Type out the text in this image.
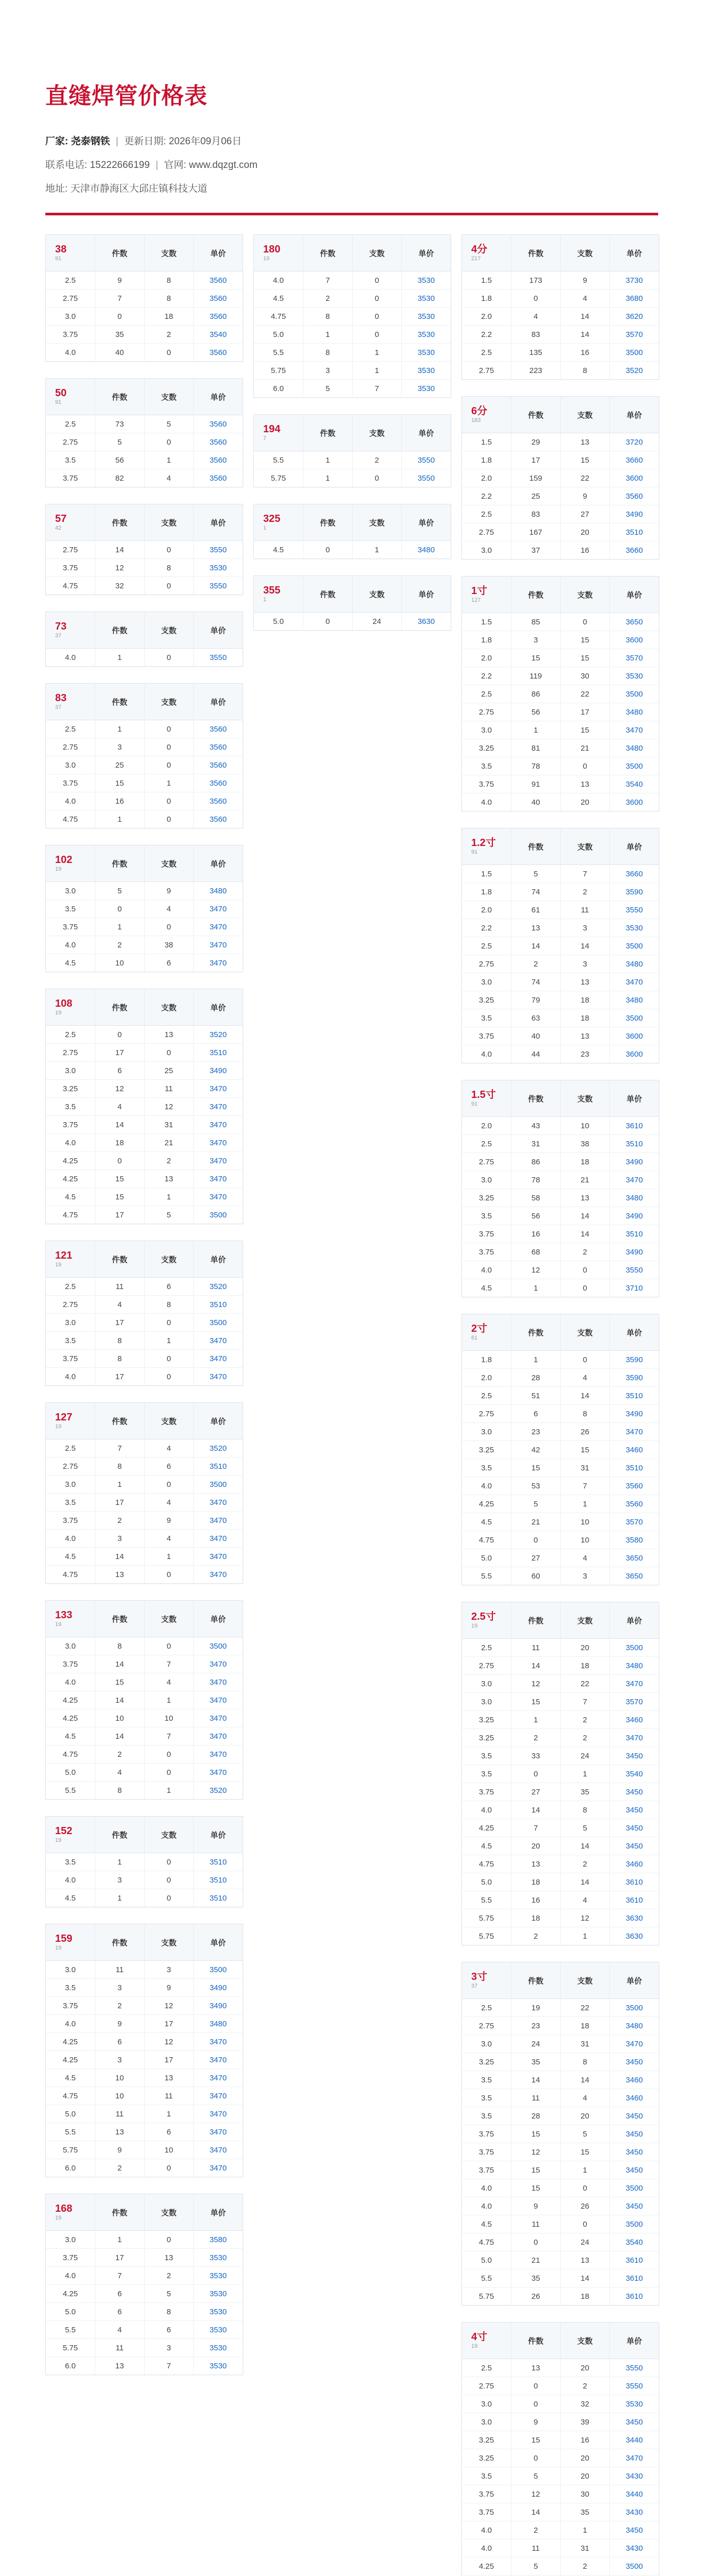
直缝焊管价格表
厂家: 尧泰钢铁 | 更新日期: 2026年09月06日
联系电话: 15222666199 | 官网: www.dqzgt.com
地址: 天津市静海区大邱庄镇科技大道
38
91	件数	支数	单价
2.5	9	8	3560
2.75	7	8	3560
3.0	0	18	3560
3.75	35	2	3540
4.0	40	0	3560
50
91	件数	支数	单价
2.5	73	5	3560
2.75	5	0	3560
3.5	56	1	3560
3.75	82	4	3560
57
42	件数	支数	单价
2.75	14	0	3550
3.75	12	8	3530
4.75	32	0	3550
73
37	件数	支数	单价
4.0	1	0	3550
83
37	件数	支数	单价
2.5	1	0	3560
2.75	3	0	3560
3.0	25	0	3560
3.75	15	1	3560
4.0	16	0	3560
4.75	1	0	3560
102
19	件数	支数	单价
3.0	5	9	3480
3.5	0	4	3470
3.75	1	0	3470
4.0	2	38	3470
4.5	10	6	3470
108
19	件数	支数	单价
2.5	0	13	3520
2.75	17	0	3510
3.0	6	25	3490
3.25	12	11	3470
3.5	4	12	3470
3.75	14	31	3470
4.0	18	21	3470
4.25	0	2	3470
4.25	15	13	3470
4.5	15	1	3470
4.75	17	5	3500
121
19	件数	支数	单价
2.5	11	6	3520
2.75	4	8	3510
3.0	17	0	3500
3.5	8	1	3470
3.75	8	0	3470
4.0	17	0	3470
127
19	件数	支数	单价
2.5	7	4	3520
2.75	8	6	3510
3.0	1	0	3500
3.5	17	4	3470
3.75	2	9	3470
4.0	3	4	3470
4.5	14	1	3470
4.75	13	0	3470
133
19	件数	支数	单价
3.0	8	0	3500
3.75	14	7	3470
4.0	15	4	3470
4.25	14	1	3470
4.25	10	10	3470
4.5	14	7	3470
4.75	2	0	3470
5.0	4	0	3470
5.5	8	1	3520
152
19	件数	支数	单价
3.5	1	0	3510
4.0	3	0	3510
4.5	1	0	3510
159
19	件数	支数	单价
3.0	11	3	3500
3.5	3	9	3490
3.75	2	12	3490
4.0	9	17	3480
4.25	6	12	3470
4.25	3	17	3470
4.5	10	13	3470
4.75	10	11	3470
5.0	11	1	3470
5.5	13	6	3470
5.75	9	10	3470
6.0	2	0	3470
168
19	件数	支数	单价
3.0	1	0	3580
3.75	17	13	3530
4.0	7	2	3530
4.25	6	5	3530
5.0	6	8	3530
5.5	4	6	3530
5.75	11	3	3530
6.0	13	7	3530
180
19	件数	支数	单价
4.0	7	0	3530
4.5	2	0	3530
4.75	8	0	3530
5.0	1	0	3530
5.5	8	1	3530
5.75	3	1	3530
6.0	5	7	3530
194
7	件数	支数	单价
5.5	1	2	3550
5.75	1	0	3550
325
1	件数	支数	单价
4.5	0	1	3480
355
1	件数	支数	单价
5.0	0	24	3630
4分
217	件数	支数	单价
1.5	173	9	3730
1.8	0	4	3680
2.0	4	14	3620
2.2	83	14	3570
2.5	135	16	3500
2.75	223	8	3520
6分
183	件数	支数	单价
1.5	29	13	3720
1.8	17	15	3660
2.0	159	22	3600
2.2	25	9	3560
2.5	83	27	3490
2.75	167	20	3510
3.0	37	16	3660
1寸
127	件数	支数	单价
1.5	85	0	3650
1.8	3	15	3600
2.0	15	15	3570
2.2	119	30	3530
2.5	86	22	3500
2.75	56	17	3480
3.0	1	15	3470
3.25	81	21	3480
3.5	78	0	3500
3.75	91	13	3540
4.0	40	20	3600
1.2寸
91	件数	支数	单价
1.5	5	7	3660
1.8	74	2	3590
2.0	61	11	3550
2.2	13	3	3530
2.5	14	14	3500
2.75	2	3	3480
3.0	74	13	3470
3.25	79	18	3480
3.5	63	18	3500
3.75	40	13	3600
4.0	44	23	3600
1.5寸
91	件数	支数	单价
2.0	43	10	3610
2.5	31	38	3510
2.75	86	18	3490
3.0	78	21	3470
3.25	58	13	3480
3.5	56	14	3490
3.75	16	14	3510
3.75	68	2	3490
4.0	12	0	3550
4.5	1	0	3710
2寸
61	件数	支数	单价
1.8	1	0	3590
2.0	28	4	3590
2.5	51	14	3510
2.75	6	8	3490
3.0	23	26	3470
3.25	42	15	3460
3.5	15	31	3510
4.0	53	7	3560
4.25	5	1	3560
4.5	21	10	3570
4.75	0	10	3580
5.0	27	4	3650
5.5	60	3	3650
2.5寸
19	件数	支数	单价
2.5	11	20	3500
2.75	14	18	3480
3.0	12	22	3470
3.0	15	7	3570
3.25	1	2	3460
3.25	2	2	3470
3.5	33	24	3450
3.5	0	1	3540
3.75	27	35	3450
4.0	14	8	3450
4.25	7	5	3450
4.5	20	14	3450
4.75	13	2	3460
5.0	18	14	3610
5.5	16	4	3610
5.75	18	12	3630
5.75	2	1	3630
3寸
37	件数	支数	单价
2.5	19	22	3500
2.75	23	18	3480
3.0	24	31	3470
3.25	35	8	3450
3.5	14	14	3460
3.5	11	4	3460
3.5	28	20	3450
3.75	15	5	3450
3.75	12	15	3450
3.75	15	1	3450
4.0	15	0	3500
4.0	9	26	3450
4.5	11	0	3500
4.75	0	24	3540
5.0	21	13	3610
5.5	35	14	3610
5.75	26	18	3610
4寸
19	件数	支数	单价
2.5	13	20	3550
2.75	0	2	3550
3.0	0	32	3530
3.0	9	39	3450
3.25	15	16	3440
3.25	0	20	3470
3.5	5	20	3430
3.75	12	30	3440
3.75	14	35	3430
4.0	2	1	3450
4.0	11	31	3430
4.25	5	2	3500
